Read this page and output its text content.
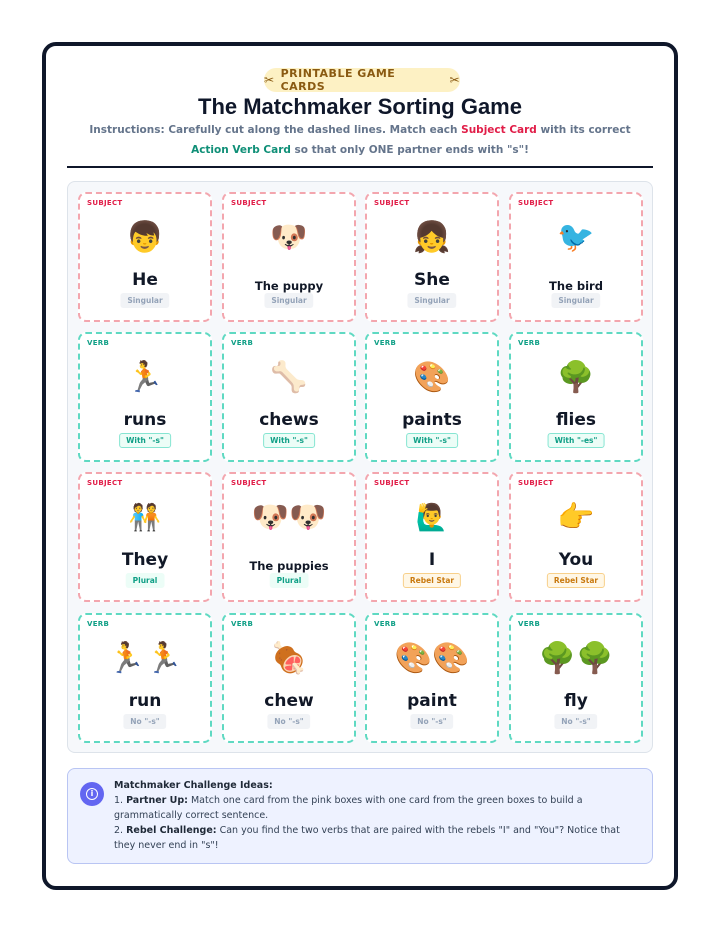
✂ PRINTABLE GAME CARDS	✂
The Matchmaker Sorting Game
Instructions: Carefully cut along the dashed lines. Match each Subject Card with its correct
Action Verb Card so that only ONE partner ends with "s"!
SUBJECT
👦
He
Singular
SUBJECT
🐶
The puppy
Singular
SUBJECT
👧
She
Singular
SUBJECT
🐦
The bird
Singular
VERB
🏃
runs
With "-s"
VERB
🦴
chews
With "-s"
VERB
🎨
paints
With "-s"
VERB
🌳
flies
With "-es"
SUBJECT
🧑‍🤝‍🧑
They
Plural
SUBJECT
🐶🐶
The puppies
Plural
SUBJECT
🙋‍♂️
I
Rebel Star
SUBJECT
👉
You
Rebel Star
VERB
🏃🏃
run
No "-s"
VERB
🍖
chew
No "-s"
VERB
🎨🎨
paint
No "-s"
VERB
🌳🌳
fly
No "-s"
i
Matchmaker Challenge Ideas:
1. Partner Up: Match one card from the pink boxes with one card from the green boxes to build a grammatically correct sentence.
2. Rebel Challenge: Can you find the two verbs that are paired with the rebels "I" and "You"? Notice that they never end in "s"!
